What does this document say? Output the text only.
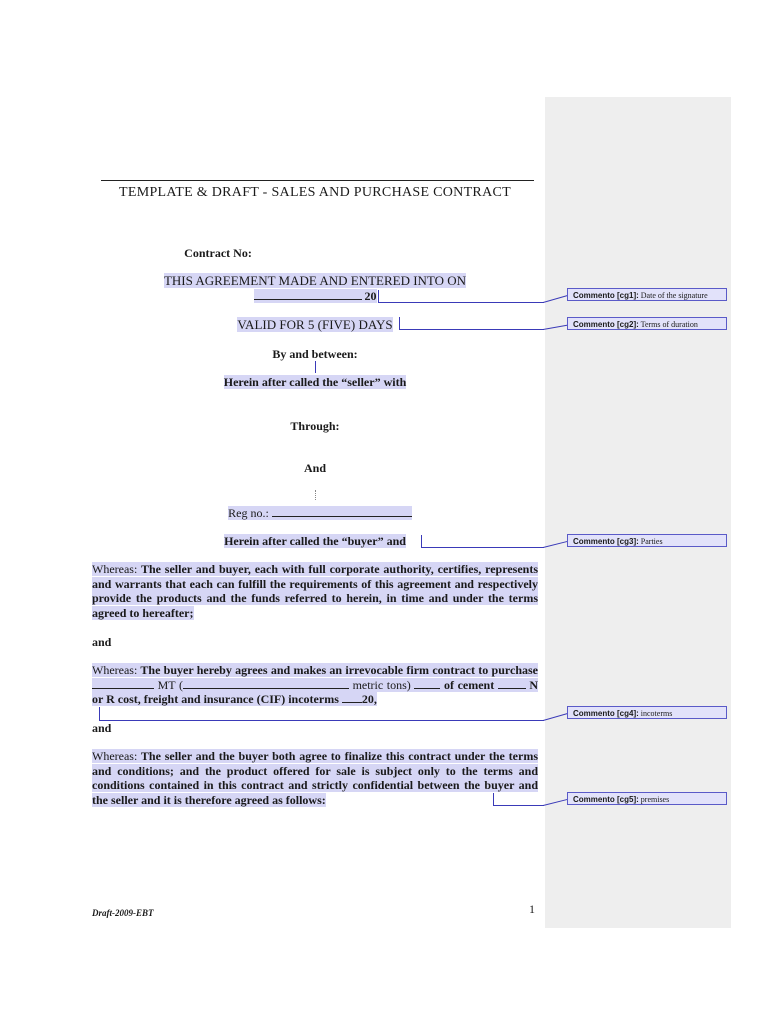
TEMPLATE & DRAFT - SALES AND PURCHASE CONTRACT
Contract No:
THIS AGREEMENT MADE AND ENTERED INTO ON
20
VALID FOR 5 (FIVE) DAYS
By and between:
Herein after called the “seller” with
Through:
And
Reg no.:
Herein after called the “buyer” and
Whereas: The seller and buyer, each with full corporate authority, certifies, represents and warrants that each can fulfill the requirements of this agreement and respectively provide the products and the funds referred to herein, in time and under the terms agreed to hereafter;
and
Whereas: The buyer hereby agrees and makes an irrevocable firm contract to purchase  MT (	metric tons)	of cement	N or R cost, freight and insurance (CIF) incoterms 20,
and
Whereas: The seller and the buyer both agree to finalize this contract under the terms and conditions; and the product offered for sale is subject only to the terms and conditions contained in this contract and strictly confidential between the buyer and the seller and it is therefore agreed as follows:
Commento [cg1]: Date of the signature
Commento [cg2]: Terms of duration
Commento [cg3]: Parties
Commento [cg4]: incoterms
Commento [cg5]: premises
Draft-2009-EBT	1
